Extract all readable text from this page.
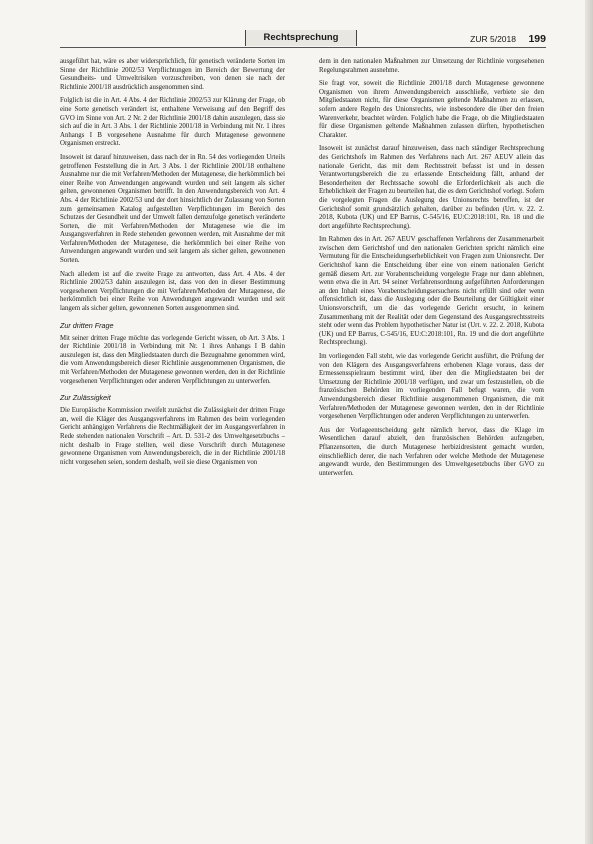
Rechtsprechung	ZUR 5/2018 199

ausgeführt hat, wäre es aber widersprüchlich, für genetisch veränderte Sorten im Sinne der Richtlinie 2002/53 Verpflichtungen im Bereich der Bewertung der Gesundheits- und Umweltrisiken vorzuschreiben, von denen sie nach der Richtlinie 2001/18 ausdrücklich ausgenommen sind.

Folglich ist die in Art. 4 Abs. 4 der Richtlinie 2002/53 zur Klärung der Frage, ob eine Sorte genetisch verändert ist, enthaltene Verweisung auf den Begriff des GVO im Sinne von Art. 2 Nr. 2 der Richtlinie 2001/18 dahin auszulegen, dass sie sich auf die in Art. 3 Abs. 1 der Richtlinie 2001/18 in Verbindung mit Nr. 1 ihres Anhangs I B vorgesehene Ausnahme für durch Mutagenese gewonnene Organismen erstreckt.

Insoweit ist darauf hinzuweisen, dass nach der in Rn. 54 des vorliegenden Urteils getroffenen Feststellung die in Art. 3 Abs. 1 der Richtlinie 2001/18 enthaltene Ausnahme nur die mit Verfahren/Methoden der Mutagenese, die herkömmlich bei einer Reihe von Anwendungen angewandt wurden und seit langem als sicher gelten, gewonnenen Organismen betrifft. In den Anwendungsbereich von Art. 4 Abs. 4 der Richtlinie 2002/53 und der dort hinsichtlich der Zulassung von Sorten zum gemeinsamen Katalog aufgestellten Verpflichtungen im Bereich des Schutzes der Gesundheit und der Umwelt fallen demzufolge genetisch veränderte Sorten, die mit Verfahren/Methoden der Mutagenese wie die im Ausgangsverfahren in Rede stehenden gewonnen werden, mit Ausnahme der mit Verfahren/Methoden der Mutagenese, die herkömmlich bei einer Reihe von Anwendungen angewandt wurden und seit langem als sicher gelten, gewonnenen Sorten.

Nach alledem ist auf die zweite Frage zu antworten, dass Art. 4 Abs. 4 der Richtlinie 2002/53 dahin auszulegen ist, dass von den in dieser Bestimmung vorgesehenen Verpflichtungen die mit Verfahren/Methoden der Mutagenese, die herkömmlich bei einer Reihe von Anwendungen angewandt wurden und seit langem als sicher gelten, gewonnenen Sorten ausgenommen sind.

Zur dritten Frage

Mit seiner dritten Frage möchte das vorlegende Gericht wissen, ob Art. 3 Abs. 1 der Richtlinie 2001/18 in Verbindung mit Nr. 1 ihres Anhangs I B dahin auszulegen ist, dass den Mitgliedstaaten durch die Bezugnahme genommen wird, die vom Anwendungsbereich dieser Richtlinie ausgenommenen Organismen, die mit Verfahren/Methoden der Mutagenese gewonnen werden, den in der Richtlinie vorgesehenen Verpflichtungen oder anderen Verpflichtungen zu unterwerfen.

Zur Zulässigkeit

Die Europäische Kommission zweifelt zunächst die Zulässigkeit der dritten Frage an, weil die Kläger des Ausgangsverfahrens im Rahmen des beim vorlegenden Gericht anhängigen Verfahrens die Rechtmäßigkeit der im Ausgangsverfahren in Rede stehenden nationalen Vorschrift – Art. D. 531-2 des Umweltgesetzbuchs – nicht deshalb in Frage stellten, weil diese Vorschrift durch Mutagenese gewonnene Organismen vom Anwendungsbereich, die in der Richtlinie 2001/18 nicht vorgesehen seien, sondern deshalb, weil sie diese Organismen von

dem in den nationalen Maßnahmen zur Umsetzung der Richtlinie vorgesehenen Regelungsrahmen ausnehme.

Sie fragt vor, soweit die Richtlinie 2001/18 durch Mutagenese gewonnene Organismen von ihrem Anwendungsbereich ausschließe, verbiete sie den Mitgliedstaaten nicht, für diese Organismen geltende Maßnahmen zu erlassen, sofern andere Regeln des Unionsrechts, wie insbesondere die über den freien Warenverkehr, beachtet würden. Folglich habe die Frage, ob die Mitgliedstaaten für diese Organismen geltende Maßnahmen zulassen dürften, hypothetischen Charakter.

Insoweit ist zunächst darauf hinzuweisen, dass nach ständiger Rechtsprechung des Gerichtshofs im Rahmen des Verfahrens nach Art. 267 AEUV allein das nationale Gericht, das mit dem Rechtsstreit befasst ist und in dessen Verantwortungsbereich die zu erlassende Entscheidung fällt, anhand der Besonderheiten der Rechtssache sowohl die Erforderlichkeit als auch die Erheblichkeit der Fragen zu beurteilen hat, die es dem Gerichtshof vorlegt. Sofern die vorgelegten Fragen die Auslegung des Unionsrechts betreffen, ist der Gerichtshof somit grundsätzlich gehalten, darüber zu befinden (Urt. v. 22. 2. 2018, Kubota (UK) und EP Barrus, C-545/16, EU:C:2018:101, Rn. 18 und die dort angeführte Rechtsprechung).

Im Rahmen des in Art. 267 AEUV geschaffenen Verfahrens der Zusammenarbeit zwischen dem Gerichtshof und den nationalen Gerichten spricht nämlich eine Vermutung für die Entscheidungserheblichkeit von Fragen zum Unionsrecht. Der Gerichtshof kann die Entscheidung über eine von einem nationalen Gericht gemäß diesem Art. zur Vorabentscheidung vorgelegte Frage nur dann ablehnen, wenn etwa die in Art. 94 seiner Verfahrensordnung aufgeführten Anforderungen an den Inhalt eines Vorabentscheidungsersuchens nicht erfüllt sind oder wenn offensichtlich ist, dass die Auslegung oder die Beurteilung der Gültigkeit einer Unionsvorschrift, um die das vorlegende Gericht ersucht, in keinem Zusammenhang mit der Realität oder dem Gegenstand des Ausgangsrechtsstreits steht oder wenn das Problem hypothetischer Natur ist (Urt. v. 22. 2. 2018, Kubota (UK) und EP Barrus, C-545/16, EU:C:2018:101, Rn. 19 und die dort angeführte Rechtsprechung).

Im vorliegenden Fall steht, wie das vorlegende Gericht ausführt, die Prüfung der von den Klägern des Ausgangsverfahrens erhobenen Klage voraus, dass der Ermessensspielraum bestimmt wird, über den die Mitgliedstaaten bei der Umsetzung der Richtlinie 2001/18 verfügen, und zwar um festzustellen, ob die französischen Behörden im vorliegenden Fall befugt waren, die vom Anwendungsbereich dieser Richtlinie ausgenommenen Organismen, die mit Verfahren/Methoden der Mutagenese gewonnen werden, den in der Richtlinie vorgesehenen Verpflichtungen oder anderen Verpflichtungen zu unterwerfen.

Aus der Vorlageentscheidung geht nämlich hervor, dass die Klage im Wesentlichen darauf abzielt, den französischen Behörden aufzugeben, Pflanzensorten, die durch Mutagenese herbizidresistent gemacht wurden, einschließlich derer, die nach Verfahren oder welche Methode der Mutagenese angewandt wurde, den Bestimmungen des Umweltgesetzbuchs über GVO zu unterwerfen.
